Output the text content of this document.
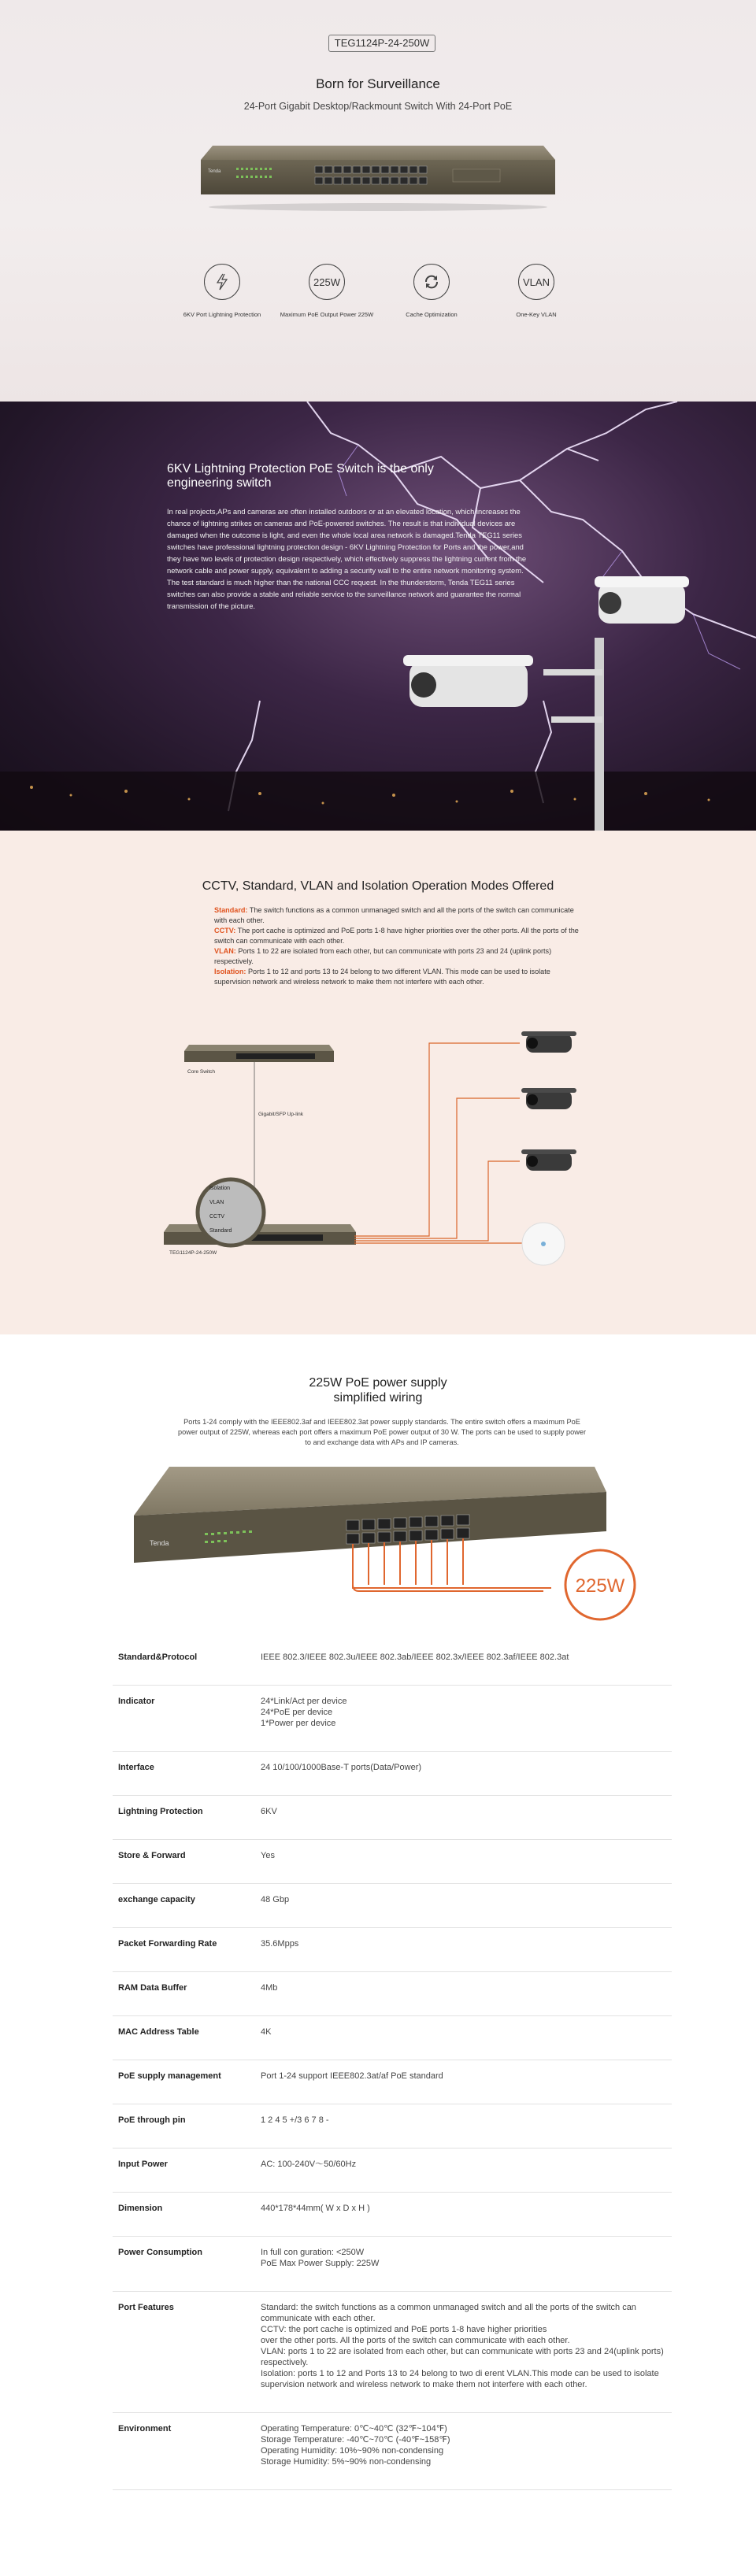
TEG1124P-24-250W
Born for Surveillance
24-Port Gigabit Desktop/Rackmount Switch With 24-Port PoE
Tenda
6KV Port Lightning Protection
225W
Maximum PoE Output Power 225W	Cache Optimization
VLAN
One-Key VLAN
6KV Lightning Protection PoE Switch is the only engineering switch

In real projects,APs and cameras are often installed outdoors or at an elevated location, which increases the chance of lightning strikes on cameras and PoE-powered switches. The result is that individual devices are damaged when the outcome is light, and even the whole local area network is damaged.Tenda TEG11 series switches have professional lightning protection design - 6KV Lightning Protection for Ports and the power,and they have two levels of protection design respectively, which effectively suppress the lightning current from the network cable and power supply, equivalent to adding a security wall to the entire network monitoring system. The test standard is much higher than the national CCC request. In the thunderstorm, Tenda TEG11 series switches can also provide a stable and reliable service to the surveillance network and guarantee the normal transmission of the picture.

CCTV, Standard, VLAN and Isolation Operation Modes Offered
Standard: The switch functions as a common unmanaged switch and all the ports of the switch can communicate with each other.
CCTV: The port cache is optimized and PoE ports 1-8 have higher priorities over the other ports. All the ports of the switch can communicate with each other.
VLAN: Ports 1 to 22 are isolated from each other, but can communicate with ports 23 and 24 (uplink ports) respectively.
Isolation: Ports 1 to 12 and ports 13 to 24 belong to two different VLAN. This mode can be used to isolate supervision network and wireless network to make them not interfere with each other.
Core Switch
Gigabit/SFP Up-link
TEG1124P-24-250W
Isolation
VLAN
CCTV
Standard
225W PoE power supply
simplified wiring

Ports 1-24 comply with the IEEE802.3af and IEEE802.3at power supply standards. The entire switch offers a maximum PoE power output of 225W, whereas each port offers a maximum PoE power output of 30 W. The ports can be used to supply power to and exchange data with APs and IP cameras.

Tenda
225W
Standard&Protocol	IEEE 802.3/IEEE 802.3u/IEEE 802.3ab/IEEE 802.3x/IEEE 802.3af/IEEE 802.3at
Indicator	24*Link/Act per device
24*PoE per device
1*Power per device
Interface	24 10/100/1000Base-T ports(Data/Power)
Lightning Protection	6KV
Store & Forward	Yes
exchange capacity	48 Gbp
Packet Forwarding Rate	35.6Mpps
RAM Data Buffer	4Mb
MAC Address Table	4K
PoE supply management	Port 1-24 support IEEE802.3at/af PoE standard
PoE through pin	1 2 4 5 +/3 6 7 8 -
Input Power	AC: 100-240V～50/60Hz
Dimension	440*178*44mm( W x D x H )
Power Consumption	In full con guration: <250W
PoE Max Power Supply: 225W
Port Features	Standard: the switch functions as a common unmanaged switch and all the ports of the switch can communicate with each other.
CCTV: the port cache is optimized and PoE ports 1-8 have higher priorities
over the other ports. All the ports of the switch can communicate with each other.
VLAN: ports 1 to 22 are isolated from each other, but can communicate with ports 23 and 24(uplink ports) respectively.
Isolation: ports 1 to 12 and Ports 13 to 24 belong to two di erent VLAN.This mode can be used to isolate supervision network and wireless network to make them not interfere with each other.
Environment	Operating Temperature: 0℃~40℃ (32℉~104℉)
Storage Temperature: -40℃~70℃ (-40℉~158℉)
Operating Humidity: 10%~90% non-condensing
Storage Humidity: 5%~90% non-condensing
